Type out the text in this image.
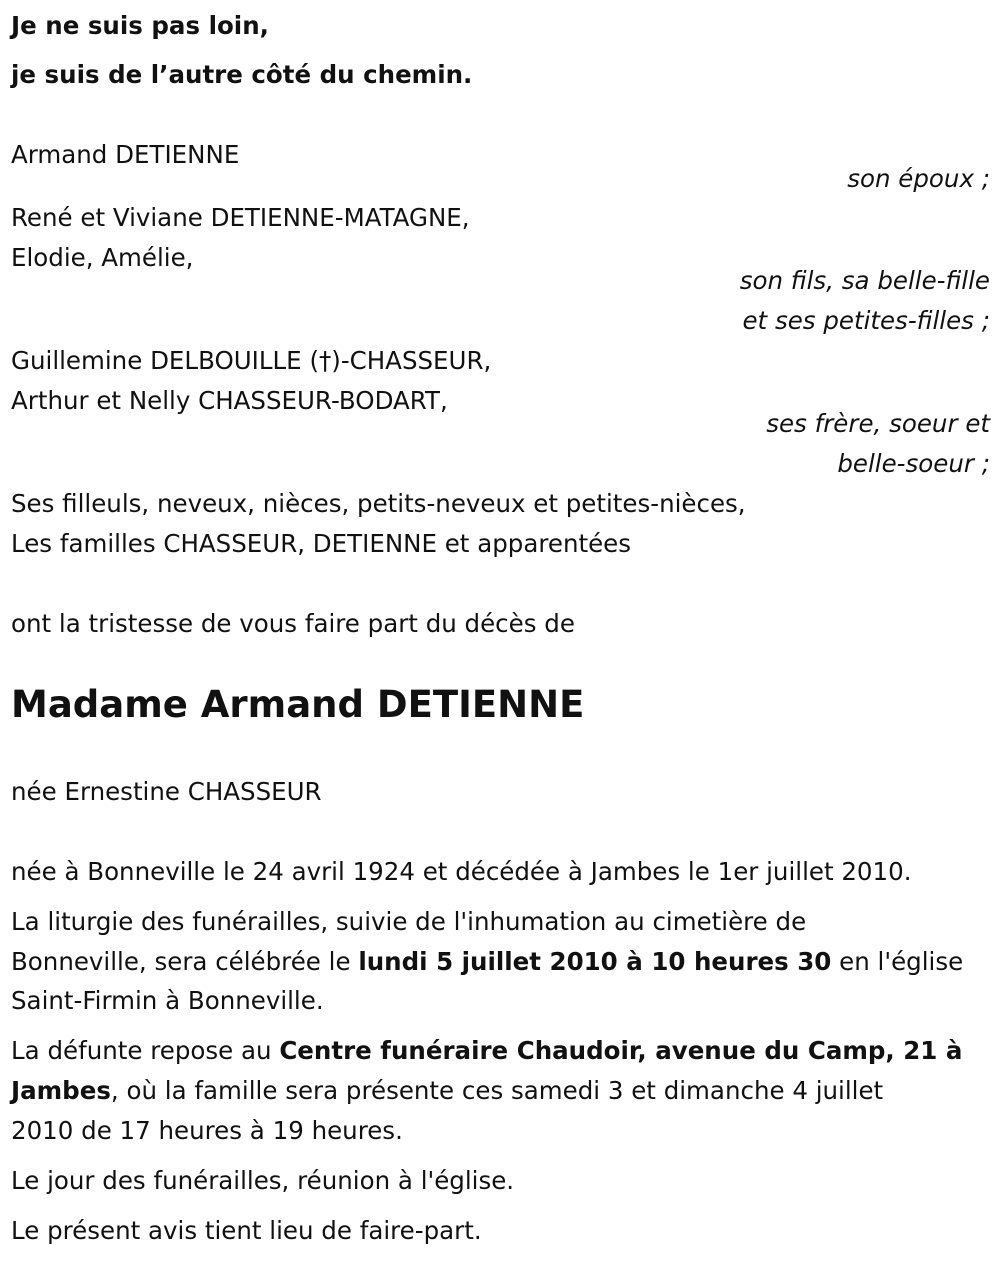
Je ne suis pas loin,
je suis de l’autre côté du chemin.
Armand DETIENNE
son époux ;
René et Viviane DETIENNE-MATAGNE,
Elodie, Amélie,
son fils, sa belle-fille
et ses petites-filles ;
Guillemine DELBOUILLE (†)-CHASSEUR,
Arthur et Nelly CHASSEUR-BODART,
ses frère, soeur et
belle-soeur ;
Ses filleuls, neveux, nièces, petits-neveux et petites-nièces,
Les familles CHASSEUR, DETIENNE et apparentées
ont la tristesse de vous faire part du décès de
Madame Armand DETIENNE
née Ernestine CHASSEUR
née à Bonneville le 24 avril 1924 et décédée à Jambes le 1er juillet 2010.
La liturgie des funérailles, suivie de l'inhumation au cimetière de
Bonneville, sera célébrée le lundi 5 juillet 2010 à 10 heures 30 en l'église
Saint-Firmin à Bonneville.
La défunte repose au Centre funéraire Chaudoir, avenue du Camp, 21 à
Jambes, où la famille sera présente ces samedi 3 et dimanche 4 juillet
2010 de 17 heures à 19 heures.
Le jour des funérailles, réunion à l'église.
Le présent avis tient lieu de faire-part.
